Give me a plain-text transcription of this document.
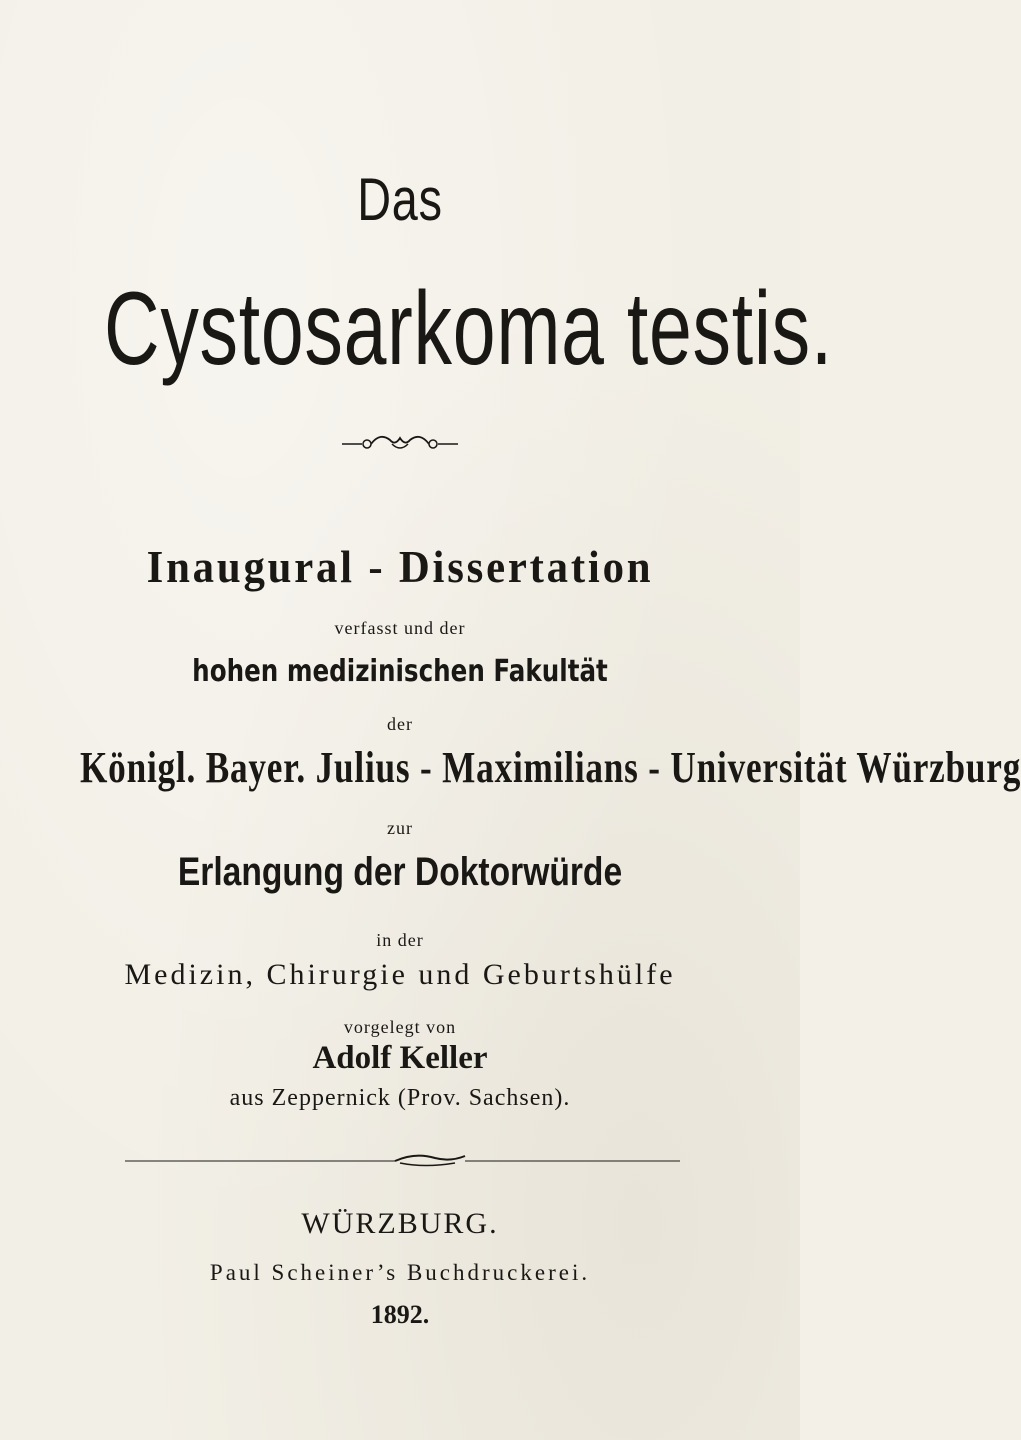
Das

Cystosarkoma testis.
Inaugural - Dissertation

verfasst und der

hohen medizinischen Fakultät

der

Königl. Bayer. Julius - Maximilians - Universität Würzburg

zur

Erlangung der Doktorwürde

in der

Medizin, Chirurgie und Geburtshülfe

vorgelegt von

Adolf Keller

aus Zeppernick (Prov. Sachsen).

WÜRZBURG.

Paul Scheiner’s Buchdruckerei.

1892.
